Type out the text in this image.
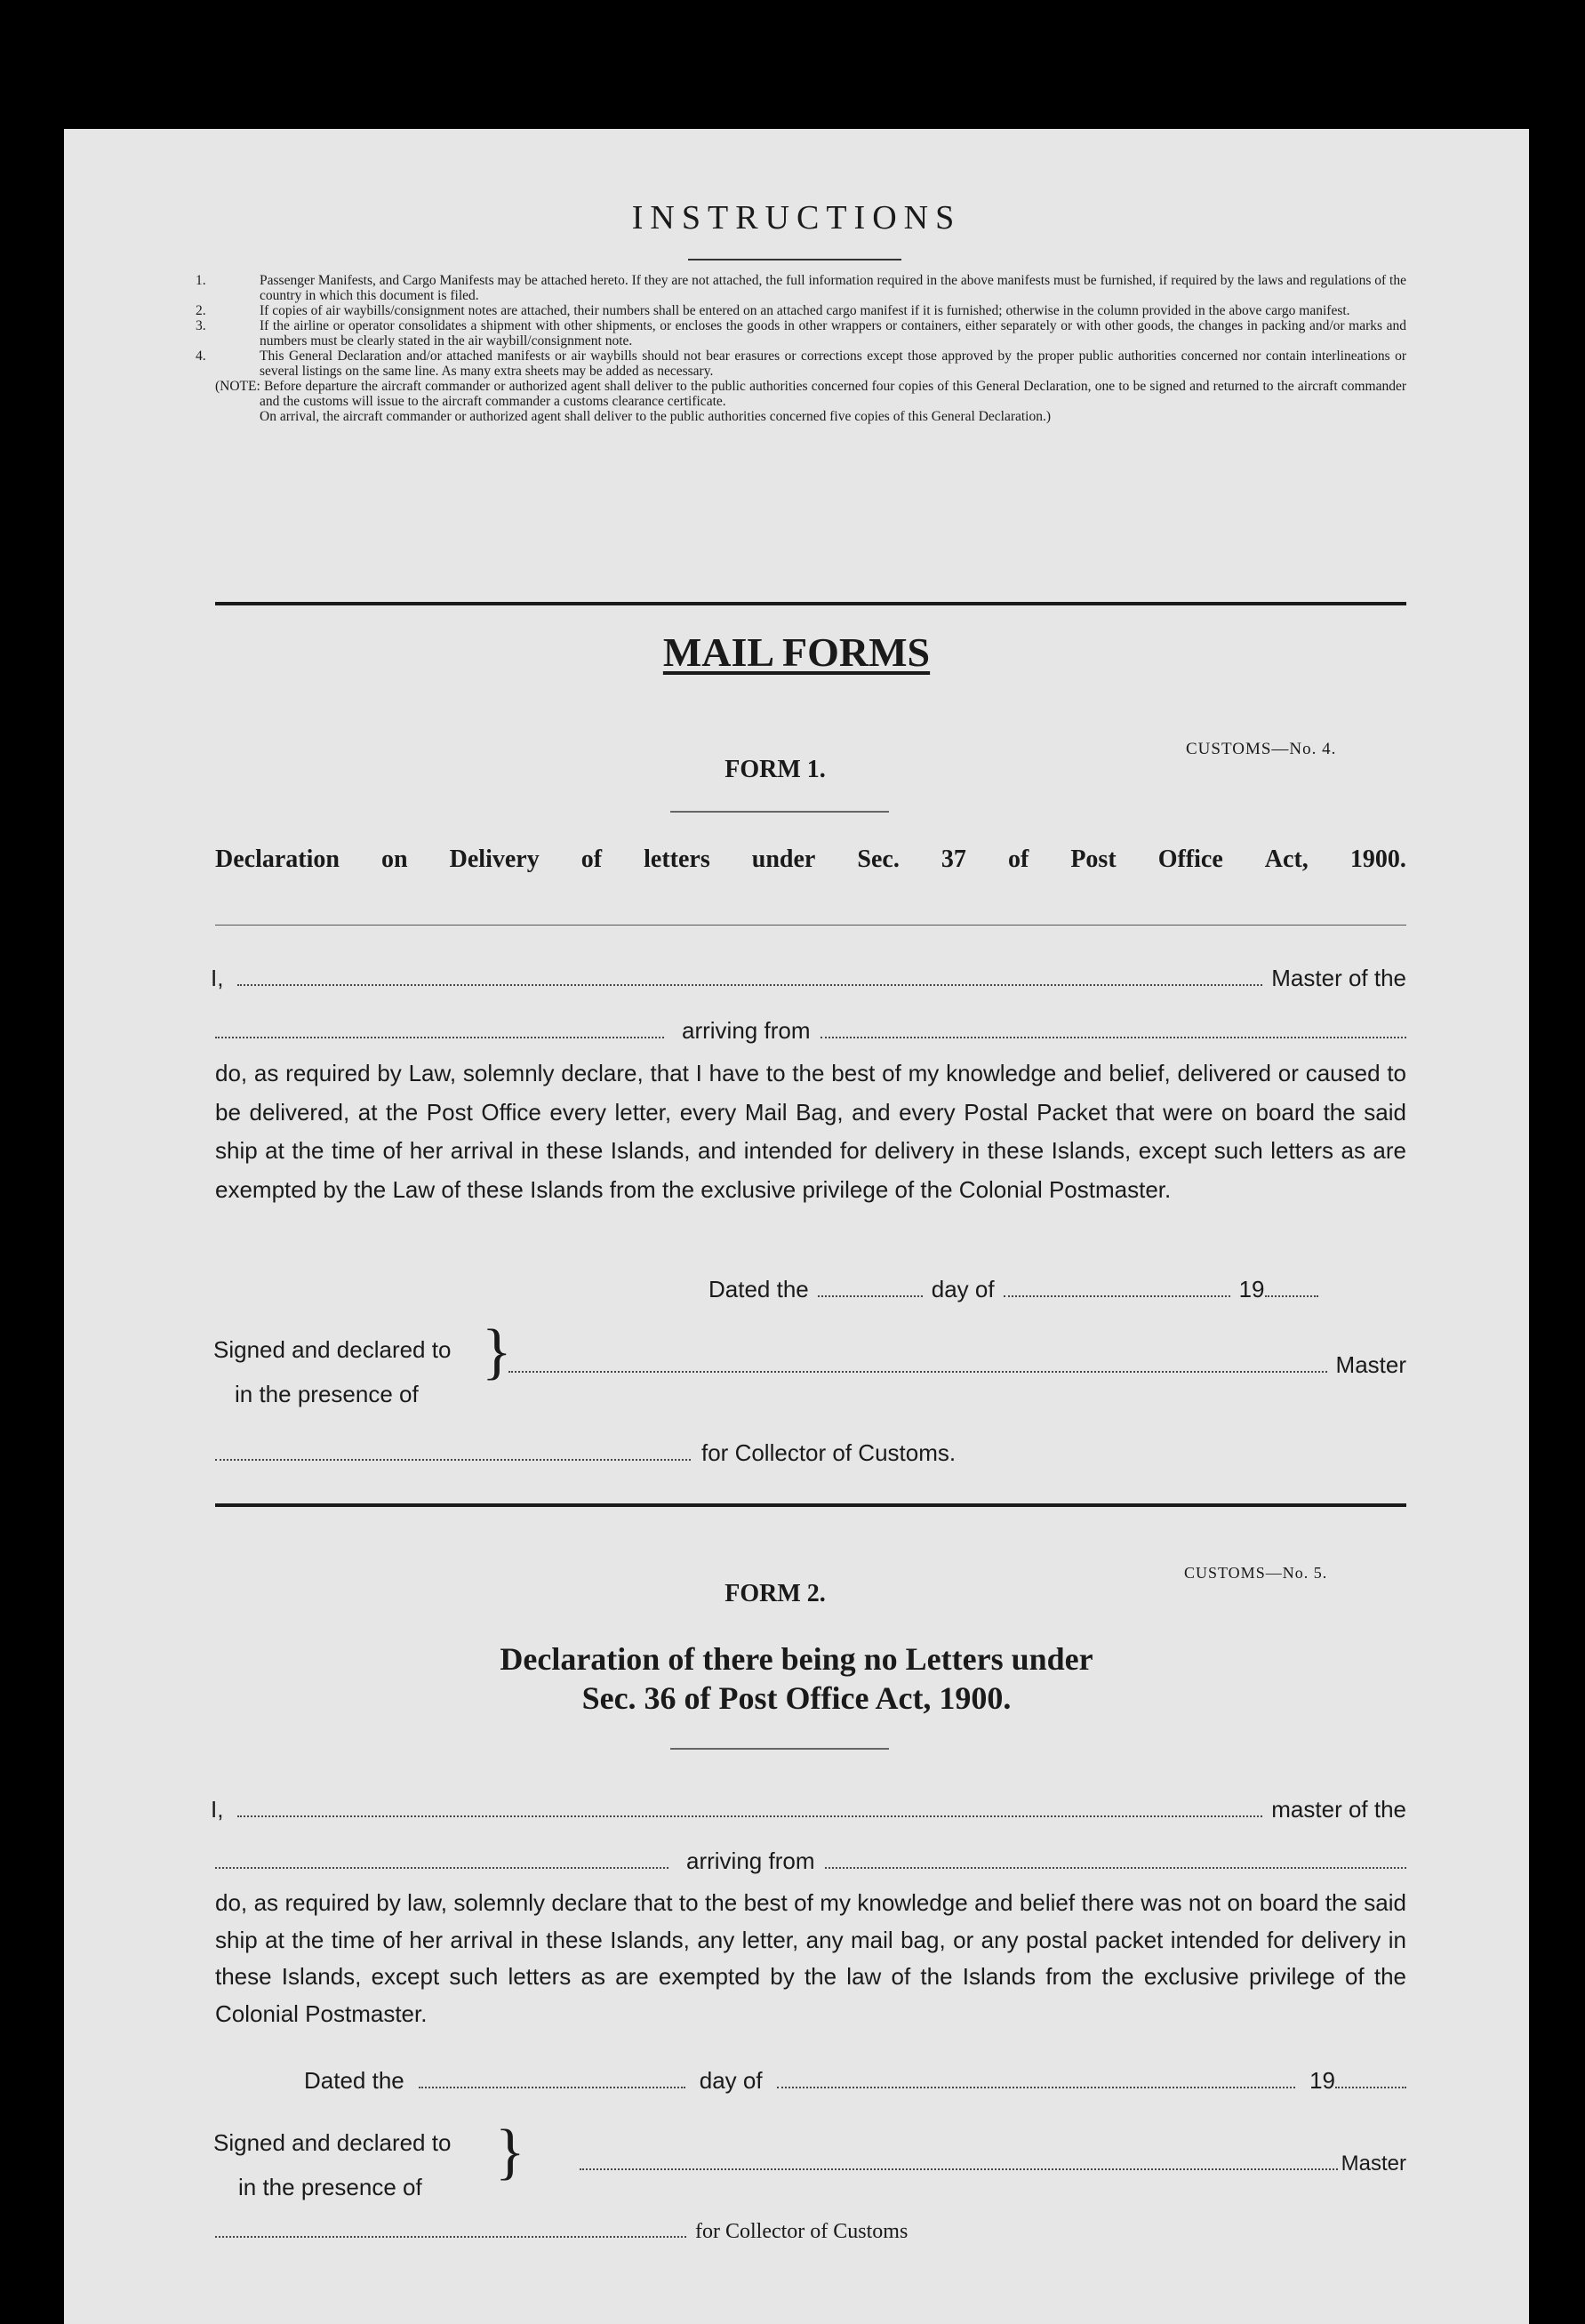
INSTRUCTIONS

1.	Passenger Manifests, and Cargo Manifests may be attached hereto. If they are not attached, the full information required in the above manifests must be furnished, if required by the laws and regulations of the country in which this document is filed.

2.	If copies of air waybills/consignment notes are attached, their numbers shall be entered on an attached cargo manifest if it is furnished; otherwise in the column provided in the above cargo manifest.

3.	If the airline or operator consolidates a shipment with other shipments, or encloses the goods in other wrappers or containers, either separately or with other goods, the changes in packing and/or marks and numbers must be clearly stated in the air waybill/consignment note.

4.	This General Declaration and/or attached manifests or air waybills should not bear erasures or corrections except those approved by the proper public authorities concerned nor contain interlineations or several listings on the same line. As many extra sheets may be added as necessary.

(NOTE: Before departure the aircraft commander or authorized agent shall deliver to the public authorities concerned four copies of this General Declaration, one to be signed and returned to the aircraft commander and the customs will issue to the aircraft commander a customs clearance certificate.

On arrival, the aircraft commander or authorized agent shall deliver to the public authorities concerned five copies of this General Declaration.)

MAIL FORMS
CUSTOMS—No. 4.
FORM 1.
Declaration on Delivery of letters under Sec. 37 of Post Office Act, 1900.
I,	Master of the
arriving from
do, as required by Law, solemnly declare, that I have to the best of my knowledge and belief, delivered or caused to be delivered, at the Post Office every letter, every Mail Bag, and every Postal Packet that were on board the said ship at the time of her arrival in these Islands, and intended for delivery in these Islands, except such letters as are exempted by the Law of these Islands from the exclusive privilege of the Colonial Postmaster.
Dated the	day of	19
Signed and declared to
in the presence of
}	Master
for Collector of Customs.
CUSTOMS—No. 5.
FORM 2.
Declaration of there being no Letters under
Sec. 36 of Post Office Act, 1900.
I,	master of the
arriving from
do, as required by law, solemnly declare that to the best of my knowledge and belief there was not on board the said ship at the time of her arrival in these Islands, any letter, any mail bag, or any postal packet intended for delivery in these Islands, except such letters as are exempted by the law of the Islands from the exclusive privilege of the Colonial Postmaster.
Dated the	day of	19
Signed and declared to
in the presence of
}	Master
for Collector of Customs
